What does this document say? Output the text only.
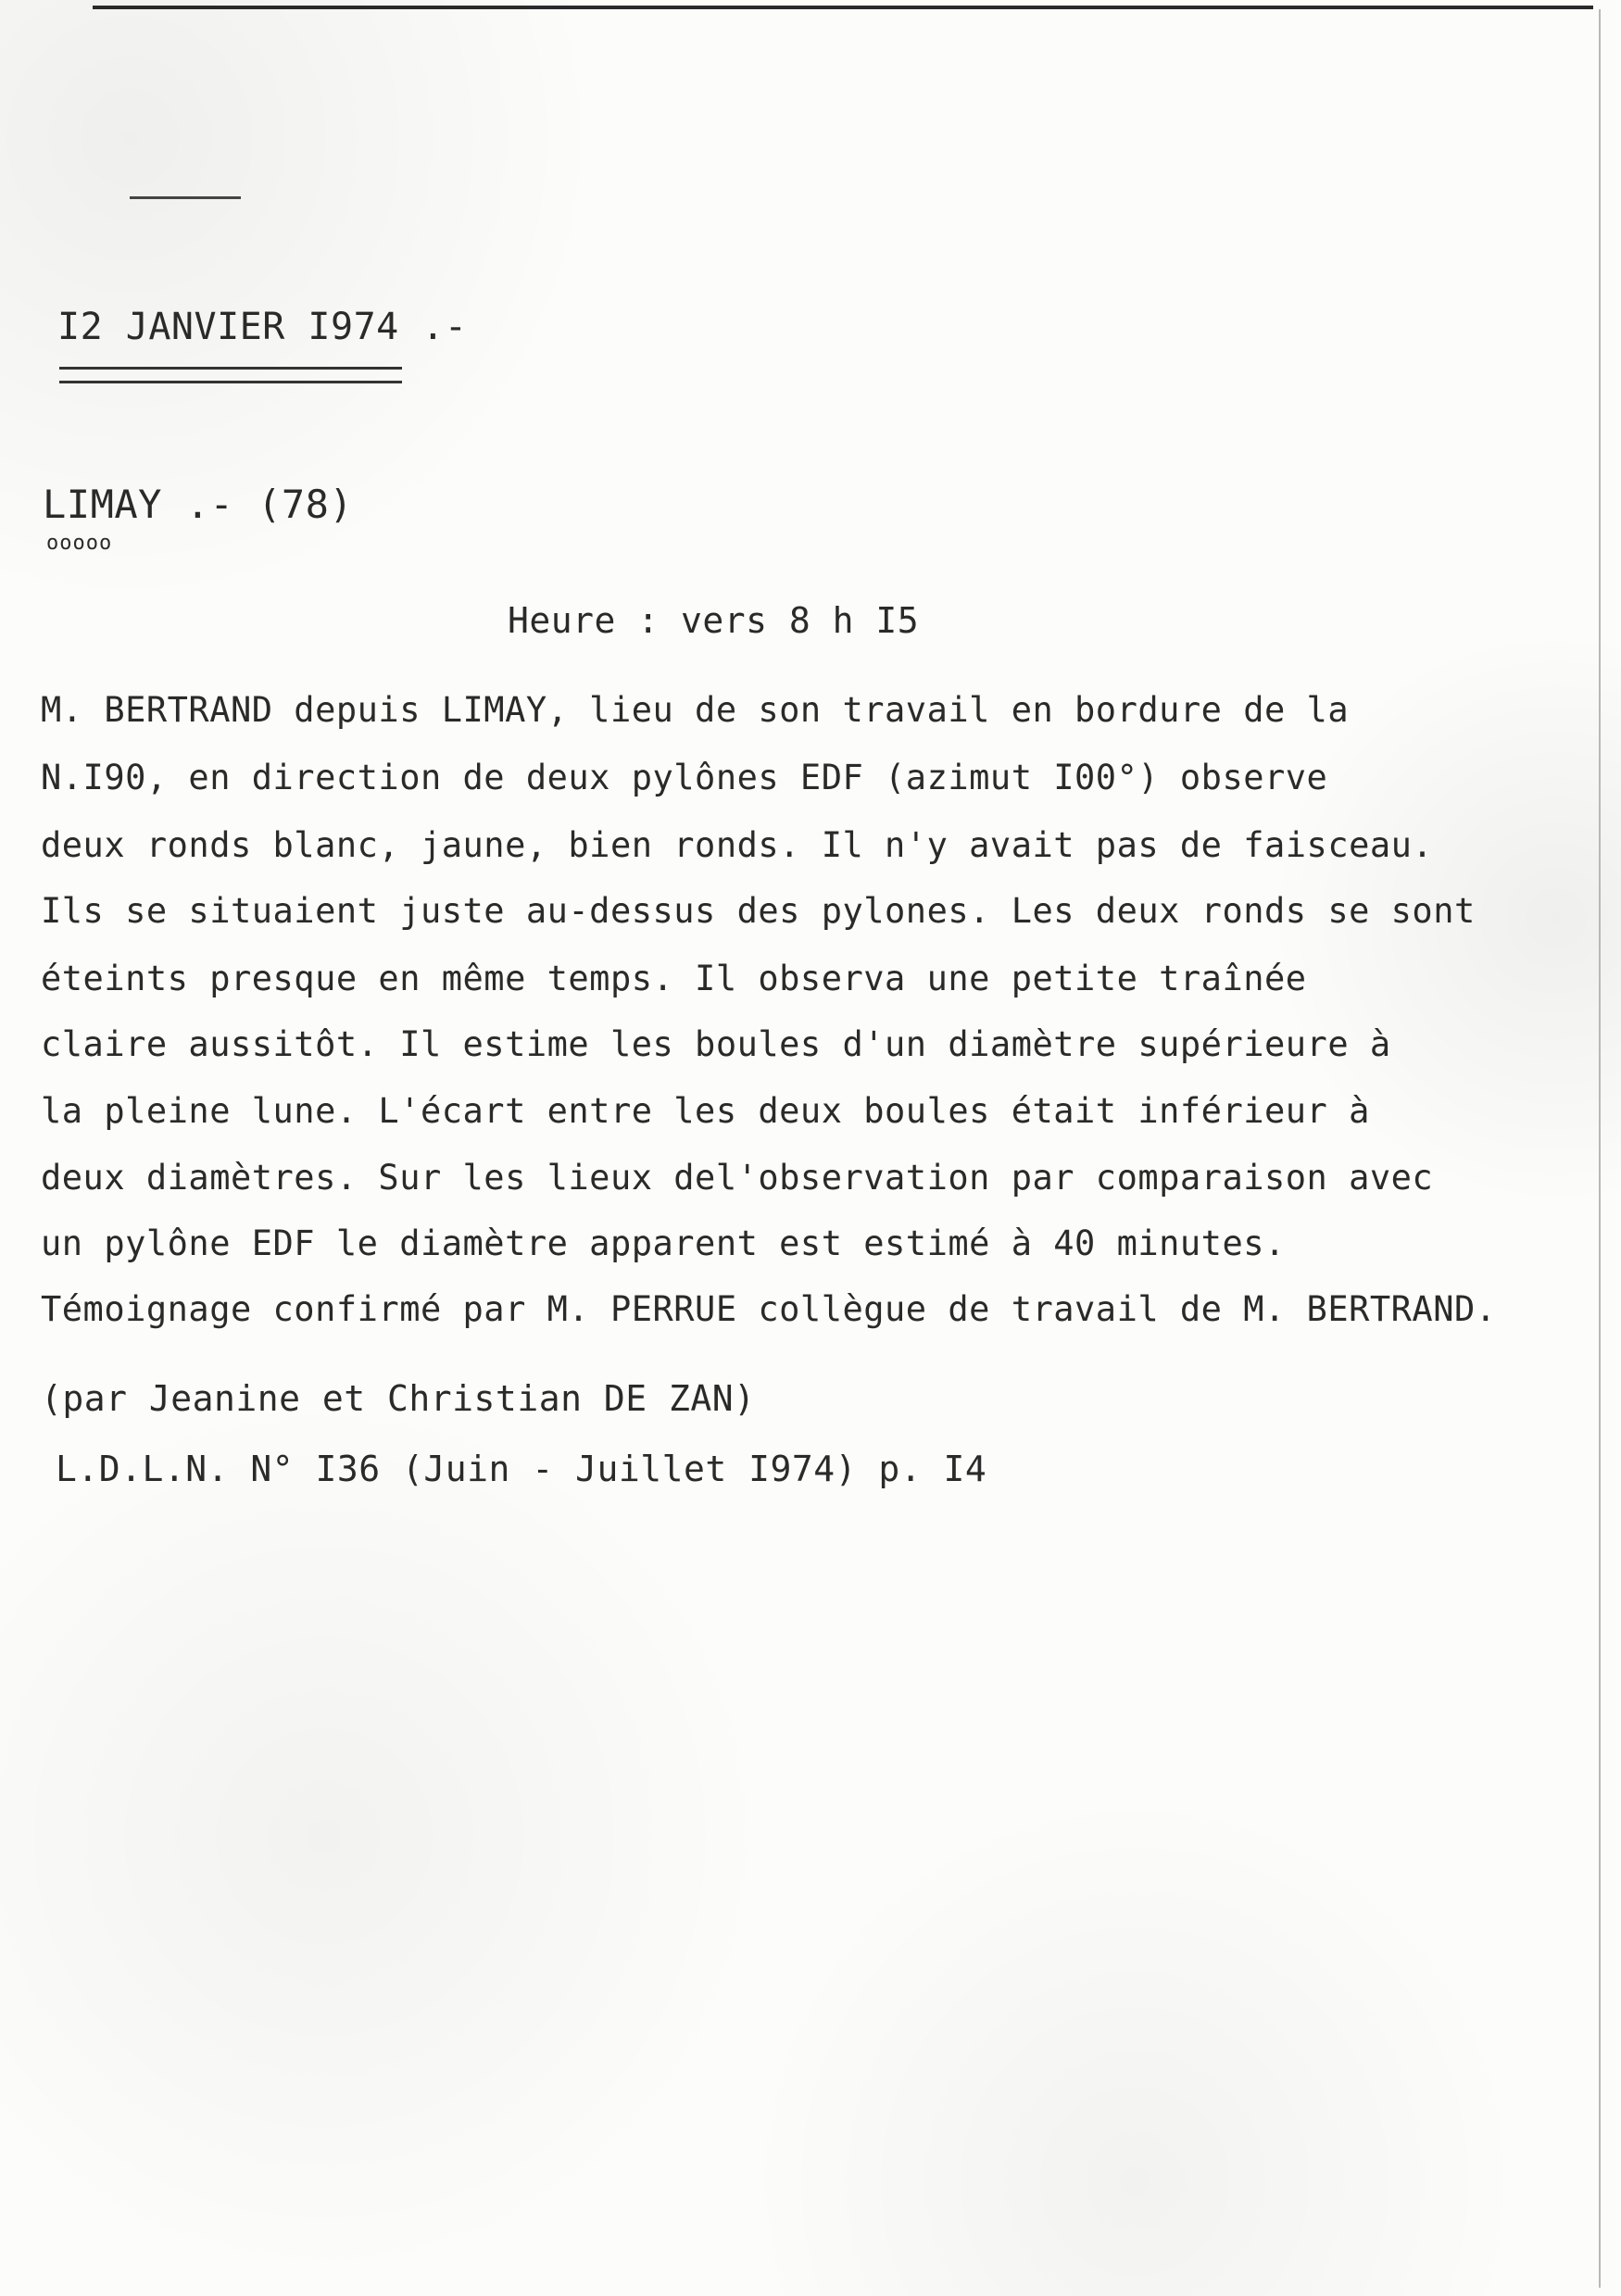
I2 JANVIER I974 .-
LIMAY .- (78)
ooooo
Heure : vers 8 h I5
M. BERTRAND depuis LIMAY, lieu de son travail en bordure de la
N.I90, en direction de deux pylônes EDF (azimut I00°) observe
deux ronds blanc, jaune, bien ronds. Il n'y avait pas de faisceau.
Ils se situaient juste au-dessus des pylones. Les deux ronds se sont
éteints presque en même temps. Il observa une petite traînée
claire aussitôt. Il estime les boules d'un diamètre supérieure à
la pleine lune. L'écart entre les deux boules était inférieur à
deux diamètres. Sur les lieux del'observation par comparaison avec
un pylône EDF le diamètre apparent est estimé à 40 minutes.
Témoignage confirmé par M. PERRUE collègue de travail de M. BERTRAND.
(par Jeanine et Christian DE ZAN)
L.D.L.N. N° I36 (Juin - Juillet I974) p. I4
